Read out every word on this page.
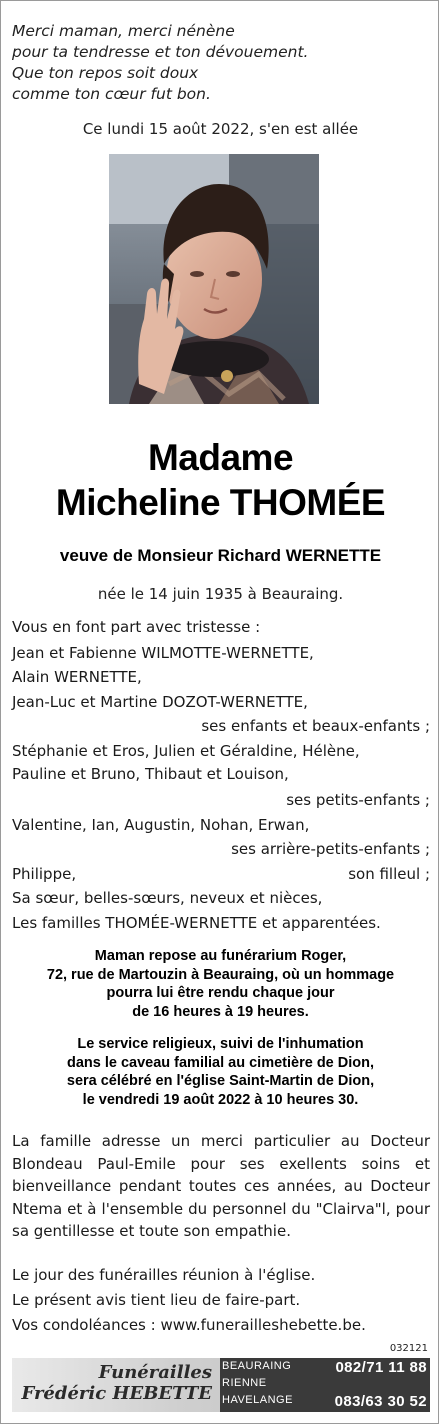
Merci maman, merci nénène
pour ta tendresse et ton dévouement.
Que ton repos soit doux
comme ton cœur fut bon.
Ce lundi 15 août 2022, s'en est allée
Madame
Micheline THOMÉE
veuve de Monsieur Richard WERNETTE
née le 14 juin 1935 à Beauraing.
Vous en font part avec tristesse :
Jean et Fabienne WILMOTTE-WERNETTE,
Alain WERNETTE,
Jean-Luc et Martine DOZOT-WERNETTE,
ses enfants et beaux-enfants ;
Stéphanie et Eros, Julien et Géraldine, Hélène,
Pauline et Bruno, Thibaut et Louison,
ses petits-enfants ;
Valentine, Ian, Augustin, Nohan, Erwan,
ses arrière-petits-enfants ;
Philippe,	son filleul ;
Sa sœur, belles-sœurs, neveux et nièces,
Les familles THOMÉE-WERNETTE et apparentées.
Maman repose au funérarium Roger,
72, rue de Martouzin à Beauraing, où un hommage
pourra lui être rendu chaque jour
de 16 heures à 19 heures.
Le service religieux, suivi de l'inhumation
dans le caveau familial au cimetière de Dion,
sera célébré en l'église Saint-Martin de Dion,
le vendredi 19 août 2022 à 10 heures 30.
La famille adresse un merci particulier au Docteur Blondeau Paul-Emile pour ses exellents soins et bienveillance pendant toutes ces années, au Docteur Ntema et à l'ensemble du personnel du "Clairva"l, pour sa gentillesse et toute son empathie.
Le jour des funérailles réunion à l'église.
Le présent avis tient lieu de faire-part.
Vos condoléances : www.funerailleshebette.be.
032121
Funérailles
Frédéric HEBETTE
BEAURAING	082/71 11 88
RIENNE
HAVELANGE	083/63 30 52
